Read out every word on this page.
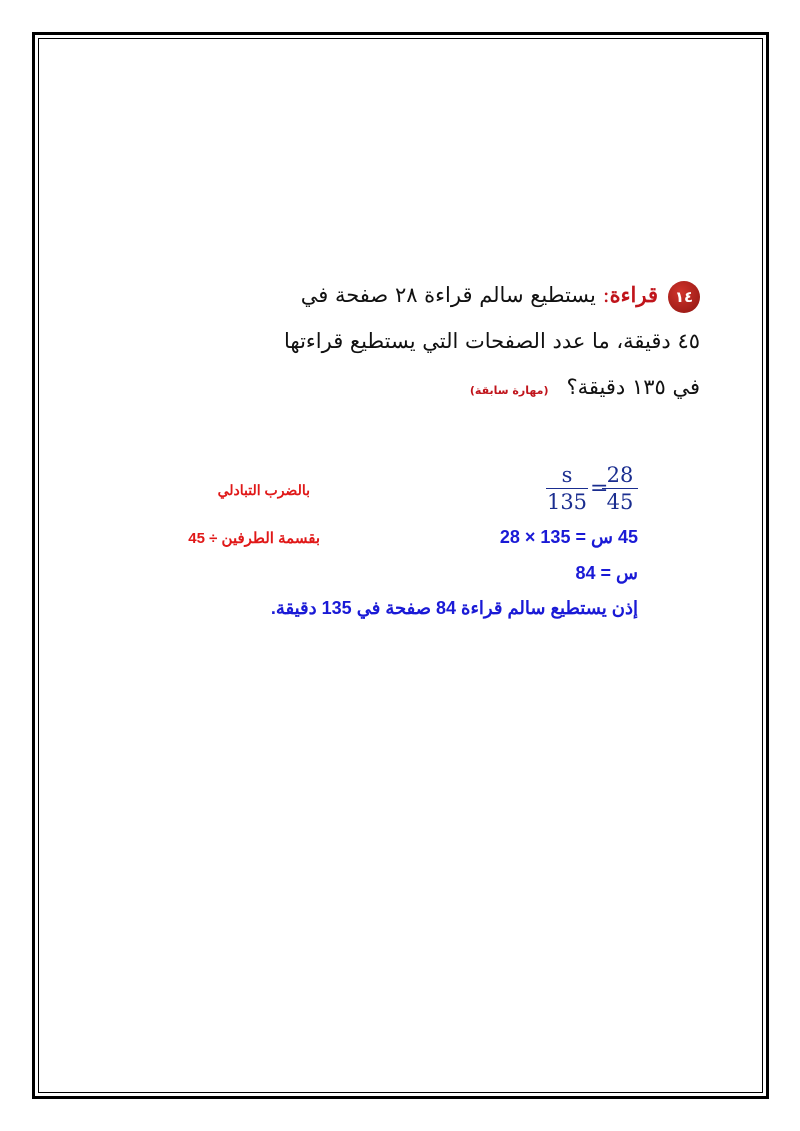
١٤قراءة: يستطيع سالم قراءة ٢٨ صفحة في
٤٥ دقيقة، ما عدد الصفحات التي يستطيع قراءتها
في ١٣٥ دقيقة؟(مهارة سابقة)
s
135
=
28
45
بالضرب التبادلي
45 س = 135 × 28
بقسمة الطرفين ÷ 45
س = 84
إذن يستطيع سالم قراءة 84 صفحة في 135 دقيقة.
